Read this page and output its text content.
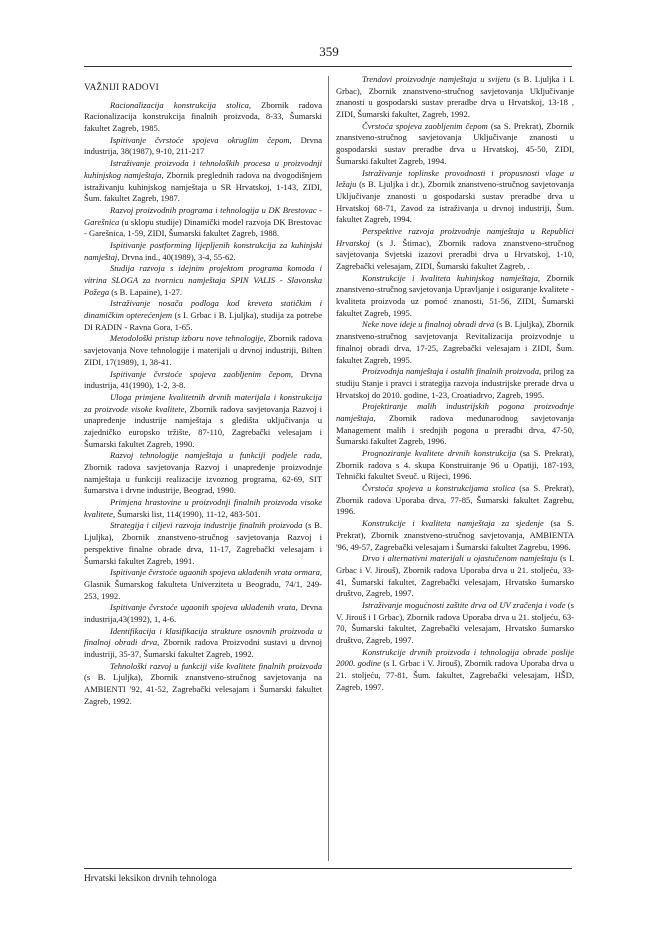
359
VAŽNIJI RADOVI

Racionalizacija konstrukcija stolica, Zbornik radova Racionalizacija konstrukcija finalnih proizvoda, 8-33, Šumarski fakultet Zagreb, 1985.

Ispitivanje čvrstoće spojeva okruglim čepom, Drvna industrija, 38(1987), 9-10, 211-217

Istraživanje proizvoda i tehnoloških procesa u proizvodnji kuhinjskog namještaja, Zbornik preglednih radova na dvogodišnjem istraživanju kuhinjskog namještaja u SR Hrvatskoj, 1-143, ZIDI, Šum. fakultet Zagreb, 1987.

Razvoj proizvodnih programa i tehnologija u DK Brestovac - Garešnica (u sklopu studije) Dinamički model razvoja DK Brestovac - Garešnica, 1-59, ZIDI, Šumarski fakultet Zagreb, 1988.

Ispitivanje postforming lijepljenih konstrukcija za kuhinjski namještaj, Drvna ind., 40(1989), 3-4, 55-62.

Studija razvoja s idejnim projektom programa komoda i vitrina SLOGA za tvornicu namještaja SPIN VALIS - Slavonska Požega (s B. Lapaine), 1-27.

Istraživanje nosača podloga kod kreveta statičkim i dinamičkim opterećenjem (s I. Grbac i B. Ljuljka), studija za potrebe DI RADIN - Ravna Gora, 1-65.

Metodološki pristup izboru nove tehnologije, Zbornik radova savjetovanja Nove tehnologije i materijali u drvnoj industriji, Bilten ZIDI, 17(1989), 1, 38-41.

Ispitivanje čvrstoće spojeva zaobljenim čepom, Drvna industrija, 41(1990), 1-2, 3-8.

Uloga primjene kvalitetnih drvnih materijala i konstrukcija za proizvode visoke kvalitete, Zbornik radova savjetovanja Razvoj i unapređenje industrije namještaja s gledišta uključivanja u zajedničko europsko tržište, 87-110, Zagrebački velesajam i Šumarski fakultet Zagreb, 1990.

Razvoj tehnologije namještaja u funkciji podjele rada, Zbornik radova savjetovanja Razvoj i unapređenje proizvodnje namještaja u funkciji realizacije izvoznog programa, 62-69, SIT šumarstva i drvne industrije, Beograd, 1990.

Primjena hrastovine u proizvodnji finalnih proizvoda visoke kvalitete, Šumarski list, 114(1990), 11-12, 483-501.

Strategija i ciljevi razvoja industrije finalnih proizvoda (s B. Ljuljka), Zbornik znanstveno-stručnog savjetovanja Razvoj i perspektive finalne obrade drva, 11-17, Zagrebački velesajam i Šumarski fakultet Zagreb, 1991.

Ispitivanje čvrstoće ugaonih spojeva uklađenih vrata ormara, Glasnik Šumarskog fakulteta Univerziteta u Beogradu, 74/1, 249-253, 1992.

Ispitivanje čvrstoće ugaonih spojeva uklađenih vrata, Drvna industrija,43(1992), 1, 4-6.

Identifikacija i klasifikacija strukture osnovnih proizvoda u finalnoj obradi drva, Zbornik radova Proizvodni sustavi u drvnoj industriji, 35-37, Šumarski fakultet Zagreb, 1992.

Tehnološki razvoj u funkciji više kvalitete finalnih proizvoda (s B. Ljuljka), Zbornik znanstveno-stručnog savjetovanja na AMBIENTI '92, 41-52, Zagrebački velesajam i Šumarski fakultet Zagreb, 1992.

Trendovi proizvodnje namještaja u svijetu (s B. Ljuljka i I. Grbac), Zbornik znanstveno-stručnog savjetovanja Uključivanje znanosti u gospodarski sustav preradbe drva u Hrvatskoj, 13-18 , ZIDI, Šumarski fakultet, Zagreb, 1992.

Čvrstoća spojeva zaobljenim čepom (sa S. Prekrat), Zbornik znanstveno-stručnog savjetovanja Uključivanje znanosti u gospodarski sustav preradbe drva u Hrvatskoj, 45-50, ZIDI, Šumarski fakultet Zagreb, 1994.

Istraživanje toplinske provodnosti i propusnosti vlage u ležaju (s B. Ljuljka i dr.), Zbornik znanstveno-stručnog savjetovanja Uključivanje znanosti u gospodarski sustav preradbe drva u Hrvatskoj 68-71, Zavod za istraživanja u drvnoj industriji, Šum. fakultet Zagreb, 1994.

Perspektive razvoja proizvodnje namještaja u Republici Hrvatskoj (s J. Štimac), Zbornik radova znanstveno-stručnog savjetovanja Svjetski izazovi preradbi drva u Hrvatskoj, 1-10, Zagrebački velesajam, ZIDI, Šumarski fakultet Zagreb, .

Konstrukcije i kvaliteta kuhinjskog namještaja, Zbornik znanstveno-stručnog savjetovanja Upravljanje i osiguranje kvalitete - kvaliteta proizvoda uz pomoć znanosti, 51-56, ZIDI, Šumarski fakultet Zagreb, 1995.

Neke nove ideje u finalnoj obradi drva (s B. Ljuljka), Zbornik znanstveno-stručnog savjetovanja Revitalizacija proizvodnje u finalnoj obradi drva, 17-25, Zagrebački velesajam i ZIDI, Šum. fakultet Zagreb, 1995.

Proizvodnja namještaja i ostalih finalnih proizvoda, prilog za studiju Stanje i pravci i strategija razvoja industrijske prerade drva u Hrvatskoj do 2010. godine, 1-23, Croatiadrvo, Zagreb, 1995.

Projektiranje malih industrijskih pogona proizvodnje namještaja, Zbornik radova međunarodnog savjetovanja Management malih i srednjih pogona u preradbi drva, 47-50, Šumarski fakultet Zagreb, 1996.

Prognoziranje kvalitete drvnih konstrukcija (sa S. Prekrat), Zbornik radova s 4. skupa Konstruiranje 96 u Opatiji, 187-193, Tehnički fakultet Sveuč. u Rijeci, 1996.

Čvrstoća spojeva u konstrukcijama stolica (sa S. Prekrat), Zbornik radova Uporaba drva, 77-85, Šumarski fakultet Zagrebu, 1996.

Konstrukcije i kvaliteta namještaja za sjedenje (sa S. Prekrat), Zbornik znanstveno-stručnog savjetovanja, AMBIENTA '96, 49-57, Zagrebački velesajam i Šumarski fakultet Zagrebu, 1996.

Drvo i alternativni materijali u ojastučenom namještaju (s I. Grbac i V. Jirouš), Zbornik radova Uporaba drva u 21. stoljeću, 33-41, Šumarski fakultet, Zagrebački velesajam, Hrvatsko šumarsko društvo, Zagreb, 1997.

Istraživanje mogućnosti zaštite drva od UV zračenja i vode (s V. Jirouš i I Grbac), Zbornik radova Uporaba drva u 21. stoljeću, 63-70, Šumarski fakultet, Zagrebački velesajam, Hrvatsko šumarsko društvo, Zagreb, 1997.

Konstrukcije drvnih proizvoda i tehnologija obrade poslije 2000. godine (s I. Grbac i V. Jirouš), Zbornik radova Uporaba drva u 21. stoljeću, 77-81, Šum. fakultet, Zagrebački velesajam, HŠD, Zagreb, 1997.

Hrvatski leksikon drvnih tehnologa
